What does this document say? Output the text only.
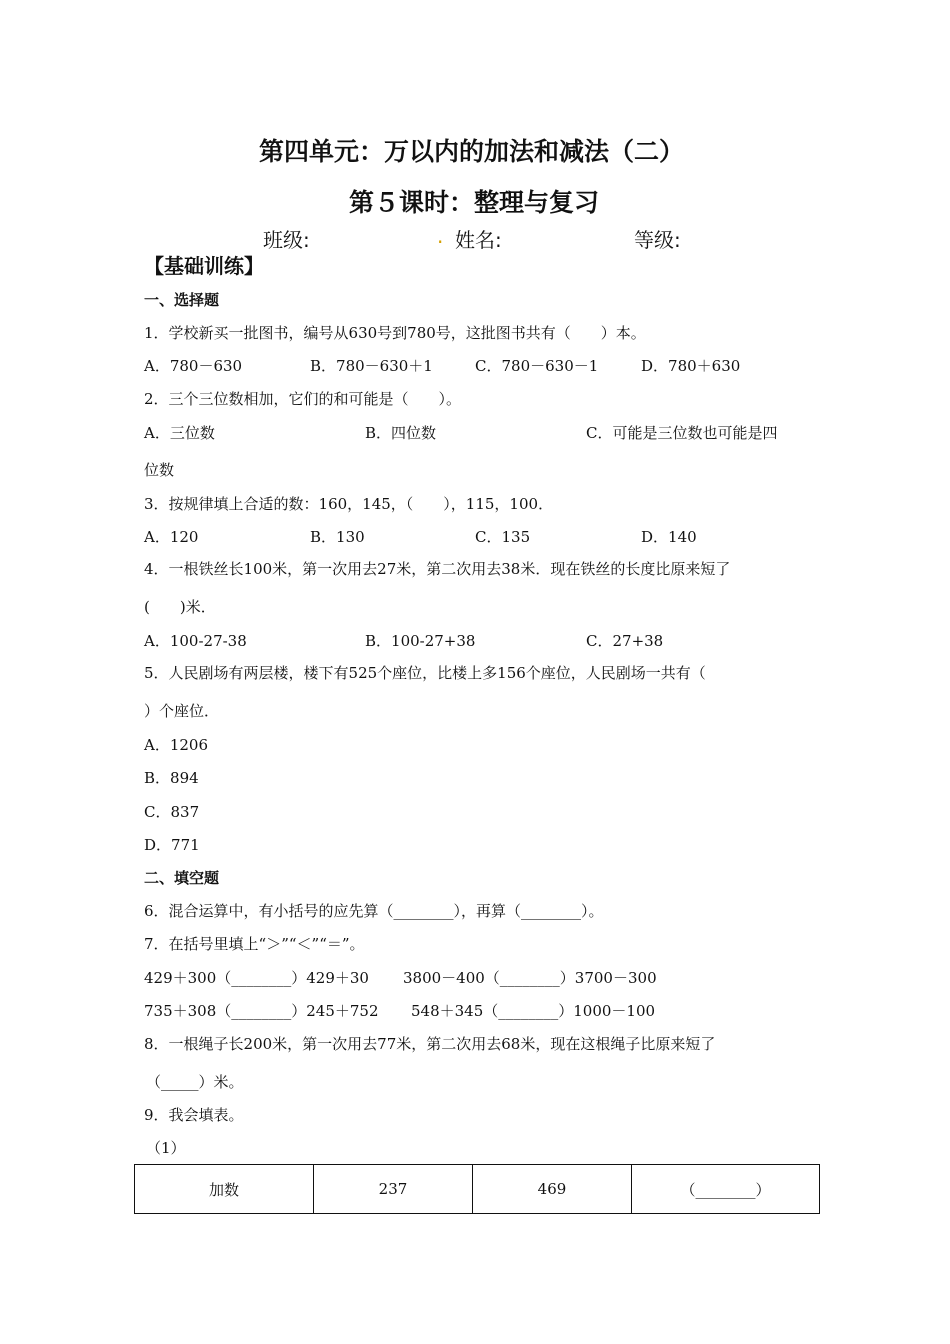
第四单元：万以内的加法和减法（二）
第５课时：整理与复习
班级:	. 姓名:	等级:
【基础训练】
一、选择题
1．学校新买一批图书，编号从630号到780号，这批图书共有（　　）本。
A．780－630	B．780－630＋1	C．780－630－1	D．780＋630
2．三个三位数相加，它们的和可能是（　　）。
A．三位数	B．四位数	C．可能是三位数也可能是四
位数
3．按规律填上合适的数：160，145，（　　），115，100．
A．120	B．130	C．135	D．140
4．一根铁丝长100米，第一次用去27米，第二次用去38米．现在铁丝的长度比原来短了
(　　)米．
A．100-27-38	B．100-27+38	C．27+38
5．人民剧场有两层楼，楼下有525个座位，比楼上多156个座位，人民剧场一共有（
）个座位．
A．1206
B．894
C．837
D．771
二、填空题
6．混合运算中，有小括号的应先算（________），再算（________）。
7．在括号里填上“＞”“＜”“＝”。
429＋300（________）429＋30 3800－400（________）3700－300
735＋308（________）245＋752 548＋345（________）1000－100
8．一根绳子长200米，第一次用去77米，第二次用去68米，现在这根绳子比原来短了
（_____）米。
9．我会填表。
（1）
加数	237	469	（________）
